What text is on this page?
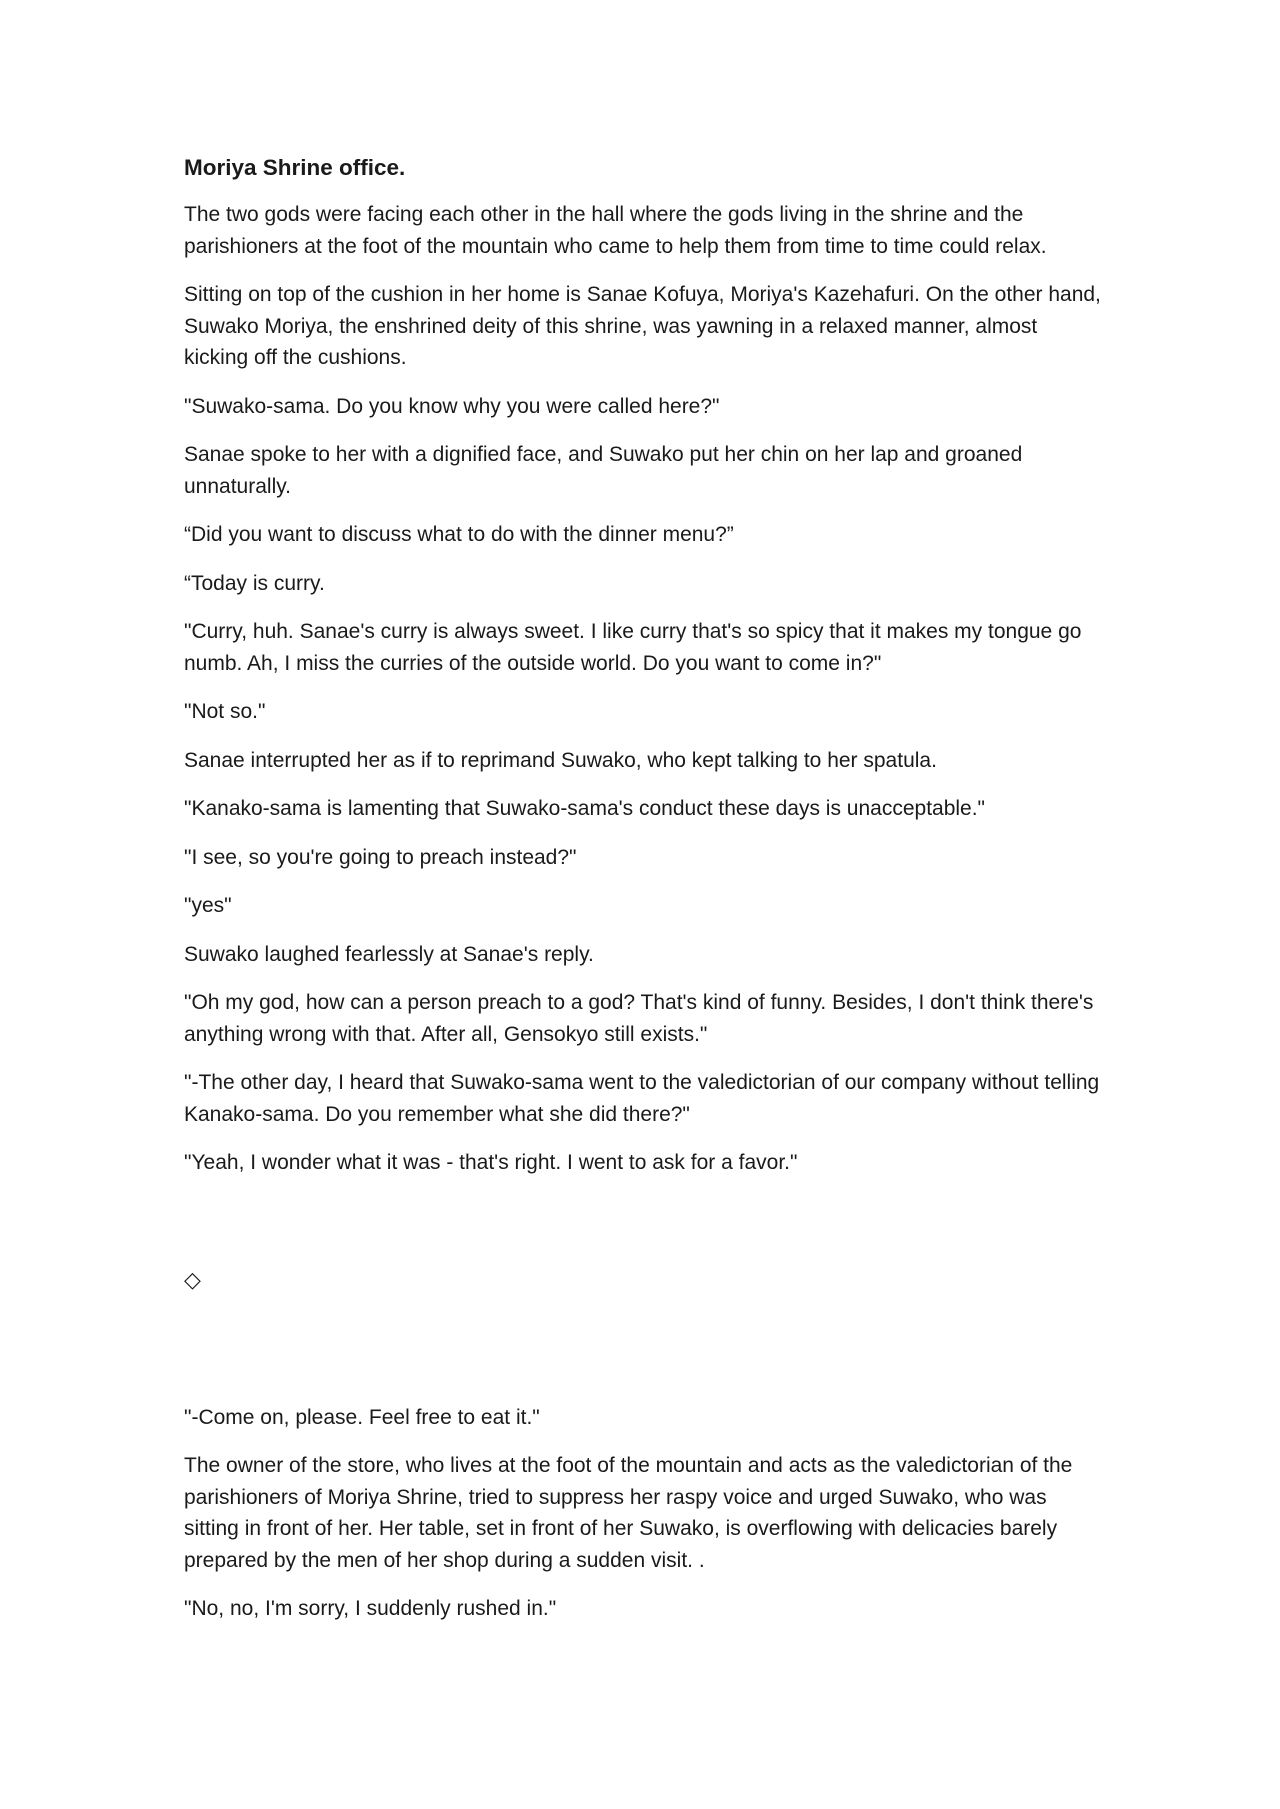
Moriya Shrine office.

The two gods were facing each other in the hall where the gods living in the shrine and the parishioners at the foot of the mountain who came to help them from time to time could relax.

Sitting on top of the cushion in her home is Sanae Kofuya, Moriya's Kazehafuri. On the other hand, Suwako Moriya, the enshrined deity of this shrine, was yawning in a relaxed manner, almost kicking off the cushions.

"Suwako-sama. Do you know why you were called here?"

Sanae spoke to her with a dignified face, and Suwako put her chin on her lap and groaned unnaturally.

“Did you want to discuss what to do with the dinner menu?”

“Today is curry.

"Curry, huh. Sanae's curry is always sweet. I like curry that's so spicy that it makes my tongue go numb. Ah, I miss the curries of the outside world. Do you want to come in?"

"Not so."

Sanae interrupted her as if to reprimand Suwako, who kept talking to her spatula.

"Kanako-sama is lamenting that Suwako-sama's conduct these days is unacceptable."

"I see, so you're going to preach instead?"

"yes"

Suwako laughed fearlessly at Sanae's reply.

"Oh my god, how can a person preach to a god? That's kind of funny. Besides, I don't think there's anything wrong with that. After all, Gensokyo still exists."

"-The other day, I heard that Suwako-sama went to the valedictorian of our company without telling Kanako-sama. Do you remember what she did there?"

"Yeah, I wonder what it was - that's right. I went to ask for a favor."

◇

"-Come on, please. Feel free to eat it."

The owner of the store, who lives at the foot of the mountain and acts as the valedictorian of the parishioners of Moriya Shrine, tried to suppress her raspy voice and urged Suwako, who was sitting in front of her. Her table, set in front of her Suwako, is overflowing with delicacies barely prepared by the men of her shop during a sudden visit. .

"No, no, I'm sorry, I suddenly rushed in."
